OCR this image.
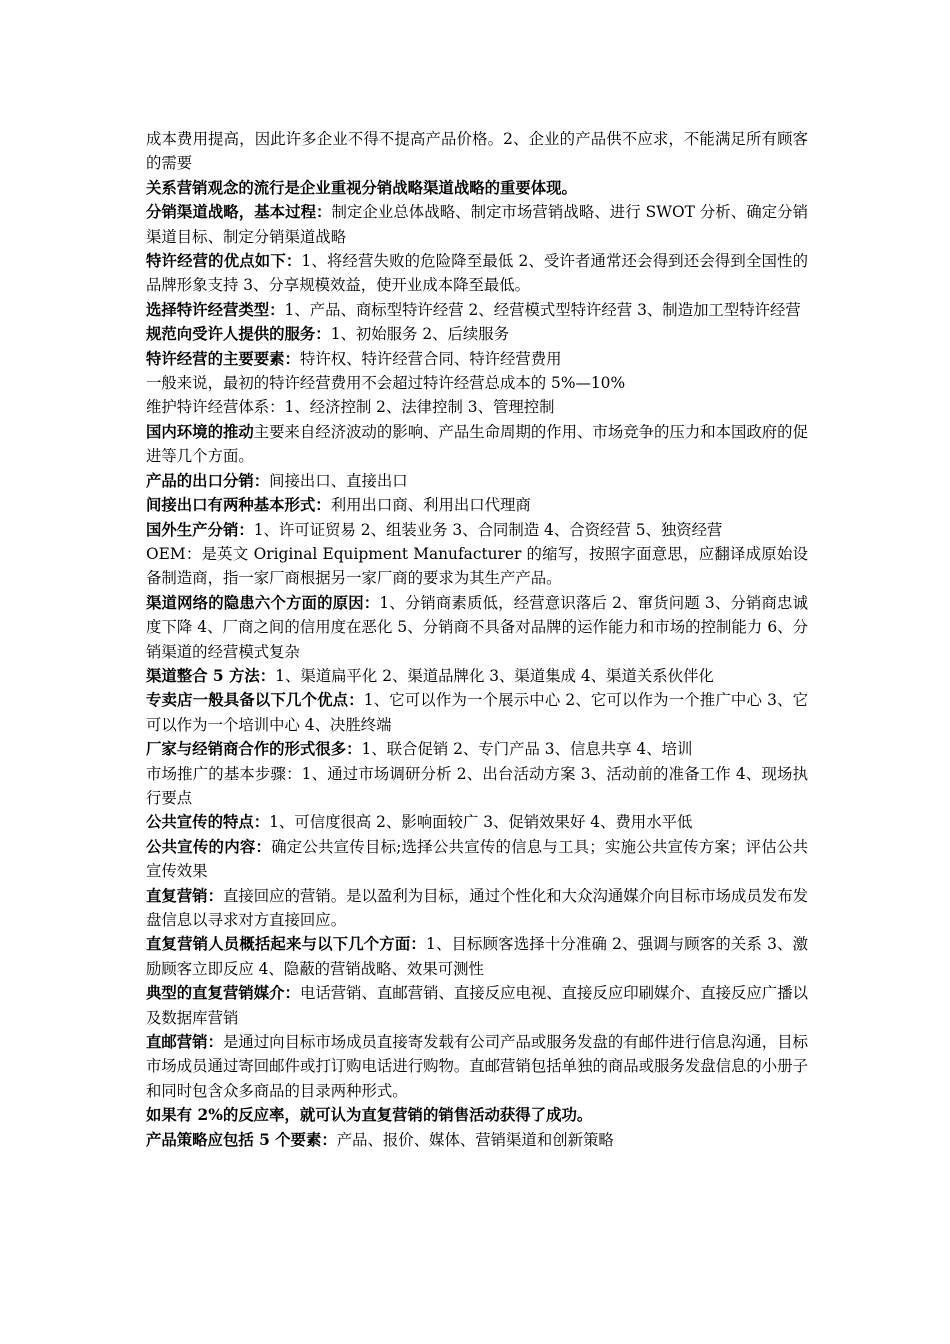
成本费用提高，因此许多企业不得不提高产品价格。2、企业的产品供不应求，不能满足所有顾客的需要

关系营销观念的流行是企业重视分销战略渠道战略的重要体现。

分销渠道战略，基本过程：制定企业总体战略、制定市场营销战略、进行 SWOT 分析、确定分销渠道目标、制定分销渠道战略

特许经营的优点如下：1、将经营失败的危险降至最低 2、受许者通常还会得到还会得到全国性的品牌形象支持 3、分享规模效益，使开业成本降至最低。

选择特许经营类型：1、产品、商标型特许经营 2、经营模式型特许经营 3、制造加工型特许经营

规范向受许人提供的服务：1、初始服务 2、后续服务

特许经营的主要要素：特许权、特许经营合同、特许经营费用

一般来说，最初的特许经营费用不会超过特许经营总成本的 5%—10%

维护特许经营体系：1、经济控制 2、法律控制 3、管理控制

国内环境的推动主要来自经济波动的影响、产品生命周期的作用、市场竞争的压力和本国政府的促进等几个方面。

产品的出口分销：间接出口、直接出口

间接出口有两种基本形式：利用出口商、利用出口代理商

国外生产分销：1、许可证贸易 2、组装业务 3、合同制造 4、合资经营 5、独资经营

OEM：是英文 Original Equipment Manufacturer 的缩写，按照字面意思，应翻译成原始设备制造商，指一家厂商根据另一家厂商的要求为其生产产品。

渠道网络的隐患六个方面的原因：1、分销商素质低，经营意识落后 2、窜货问题 3、分销商忠诚度下降 4、厂商之间的信用度在恶化 5、分销商不具备对品牌的运作能力和市场的控制能力 6、分销渠道的经营模式复杂

渠道整合 5 方法：1、渠道扁平化 2、渠道品牌化 3、渠道集成 4、渠道关系伙伴化

专卖店一般具备以下几个优点：1、它可以作为一个展示中心 2、它可以作为一个推广中心 3、它可以作为一个培训中心 4、决胜终端

厂家与经销商合作的形式很多：1、联合促销 2、专门产品 3、信息共享 4、培训

市场推广的基本步骤：1、通过市场调研分析 2、出台活动方案 3、活动前的准备工作 4、现场执行要点

公共宣传的特点：1、可信度很高 2、影响面较广 3、促销效果好 4、费用水平低

公共宣传的内容：确定公共宣传目标;选择公共宣传的信息与工具；实施公共宣传方案；评估公共宣传效果

直复营销：直接回应的营销。是以盈利为目标，通过个性化和大众沟通媒介向目标市场成员发布发盘信息以寻求对方直接回应。

直复营销人员概括起来与以下几个方面：1、目标顾客选择十分准确 2、强调与顾客的关系 3、激励顾客立即反应 4、隐蔽的营销战略、效果可测性

典型的直复营销媒介：电话营销、直邮营销、直接反应电视、直接反应印刷媒介、直接反应广播以及数据库营销

直邮营销：是通过向目标市场成员直接寄发载有公司产品或服务发盘的有邮件进行信息沟通，目标市场成员通过寄回邮件或打订购电话进行购物。直邮营销包括单独的商品或服务发盘信息的小册子和同时包含众多商品的目录两种形式。

如果有 2%的反应率，就可认为直复营销的销售活动获得了成功。

产品策略应包括 5 个要素：产品、报价、媒体、营销渠道和创新策略
